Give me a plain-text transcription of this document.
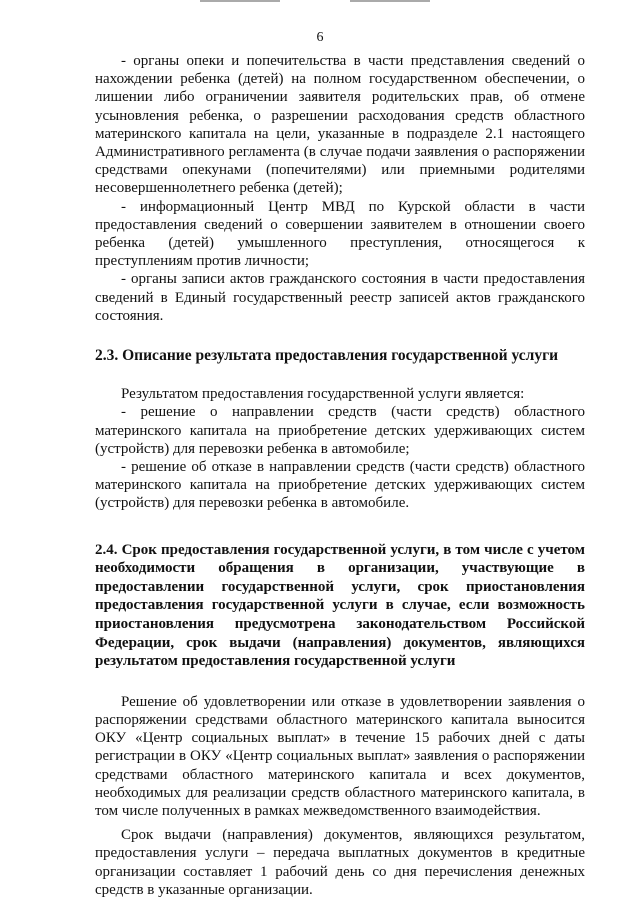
6

- органы опеки и попечительства в части представления сведений о нахождении ребенка (детей) на полном государственном обеспечении, о лишении либо ограничении заявителя родительских прав, об отмене усыновления ребенка, о разрешении расходования средств областного материнского капитала на цели, указанные в подразделе 2.1 настоящего Административного регламента (в случае подачи заявления о распоряжении средствами опекунами (попечителями) или приемными родителями несовершеннолетнего ребенка (детей);

- информационный Центр МВД по Курской области в части предоставления сведений о совершении заявителем в отношении своего ребенка (детей) умышленного преступления, относящегося к преступлениям против личности;

- органы записи актов гражданского состояния в части предоставления сведений в Единый государственный реестр записей актов гражданского состояния.

2.3. Описание результата предоставления государственной услуги

Результатом предоставления государственной услуги является:

- решение о направлении средств (части средств) областного материнского капитала на приобретение детских удерживающих систем (устройств) для перевозки ребенка в автомобиле;

- решение об отказе в направлении средств (части средств) областного материнского капитала на приобретение детских удерживающих систем (устройств) для перевозки ребенка в автомобиле.

2.4. Срок предоставления государственной услуги, в том числе с учетом необходимости обращения в организации, участвующие в предоставлении государственной услуги, срок приостановления предоставления государственной услуги в случае, если возможность приостановления предусмотрена законодательством Российской Федерации, срок выдачи (направления) документов, являющихся результатом предоставления государственной услуги

Решение об удовлетворении или отказе в удовлетворении заявления о распоряжении средствами областного материнского капитала выносится ОКУ «Центр социальных выплат» в течение 15 рабочих дней с даты регистрации в ОКУ «Центр социальных выплат» заявления о распоряжении средствами областного материнского капитала и всех документов, необходимых для реализации средств областного материнского капитала, в том числе полученных в рамках межведомственного взаимодействия.

Срок выдачи (направления) документов, являющихся результатом, предоставления услуги – передача выплатных документов в кредитные организации составляет 1 рабочий день со дня перечисления денежных средств в указанные организации.
